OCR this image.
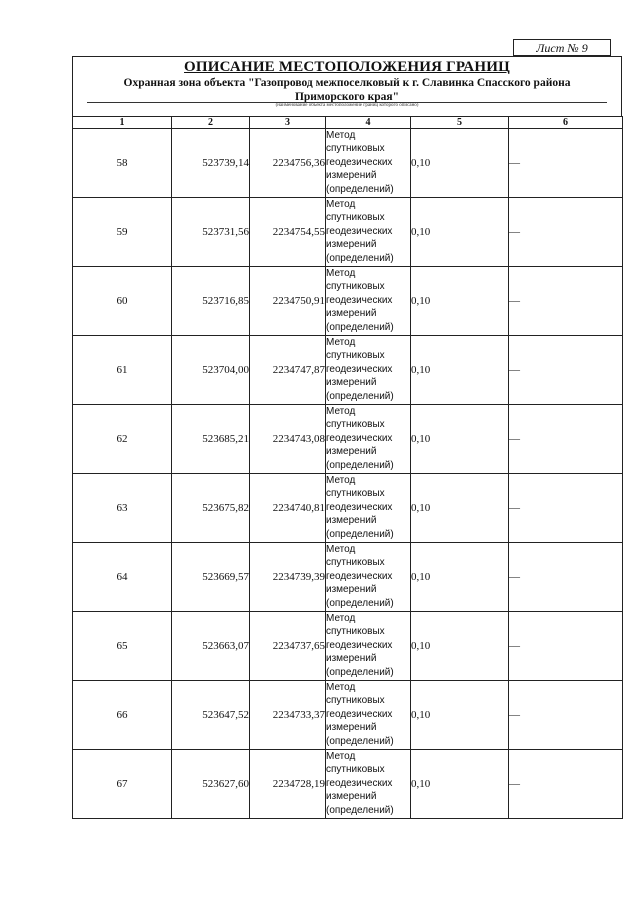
Лист № 9
ОПИСАНИЕ МЕСТОПОЛОЖЕНИЯ ГРАНИЦ
Охранная зона объекта "Газопровод межпоселковый к г. Славинка Спасского района
Приморского края"
(наименование объекта местоположение границ которого описано)
1	2	3	4	5	6
58	523739,14	2234756,36	Метод спутниковых геодезических измерений (определений)	0,10	—
59	523731,56	2234754,55	Метод спутниковых геодезических измерений (определений)	0,10	—
60	523716,85	2234750,91	Метод спутниковых геодезических измерений (определений)	0,10	—
61	523704,00	2234747,87	Метод спутниковых геодезических измерений (определений)	0,10	—
62	523685,21	2234743,08	Метод спутниковых геодезических измерений (определений)	0,10	—
63	523675,82	2234740,81	Метод спутниковых геодезических измерений (определений)	0,10	—
64	523669,57	2234739,39	Метод спутниковых геодезических измерений (определений)	0,10	—
65	523663,07	2234737,65	Метод спутниковых геодезических измерений (определений)	0,10	—
66	523647,52	2234733,37	Метод спутниковых геодезических измерений (определений)	0,10	—
67	523627,60	2234728,19	Метод спутниковых геодезических измерений (определений)	0,10	—
